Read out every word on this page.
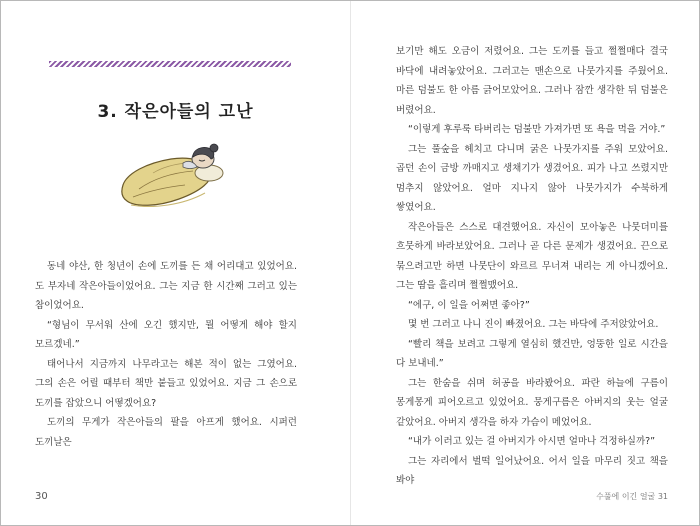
3. 작은아들의 고난

동네 야산, 한 청년이 손에 도끼를 든 채 어리대고 있었어요. 도 부자네 작은아들이었어요. 그는 지금 한 시간째 그러고 있는 참이었어요.

“형님이 무서워 산에 오긴 했지만, 뭘 어떻게 해야 할지 모르겠네.”

태어나서 지금까지 나무라고는 해본 적이 없는 그였어요. 그의 손은 어릴 때부터 책만 붙들고 있었어요. 지금 그 손으로 도끼를 잡았으니 어떻겠어요?

도끼의 무게가 작은아들의 팔을 아프게 했어요. 시퍼런 도끼날은

30

보기만 해도 오금이 저렸어요. 그는 도끼를 들고 쩔쩔매다 결국 바닥에 내려놓았어요. 그러고는 맨손으로 나뭇가지를 주웠어요. 마른 덤불도 한 아름 긁어모았어요. 그러나 잠깐 생각한 뒤 덤불은 버렸어요.

“이렇게 후루룩 타버리는 덤불만 가져가면 또 욕을 먹을 거야.”

그는 풀숲을 헤치고 다니며 굵은 나뭇가지를 주워 모았어요. 곱던 손이 금방 까매지고 생채기가 생겼어요. 피가 나고 쓰렸지만 멈추지 않았어요. 얼마 지나지 않아 나뭇가지가 수북하게 쌓였어요.

작은아들은 스스로 대견했어요. 자신이 모아놓은 나뭇더미를 흐뭇하게 바라보았어요. 그러나 곧 다른 문제가 생겼어요. 끈으로 묶으려고만 하면 나뭇단이 와르르 무너져 내리는 게 아니겠어요. 그는 땀을 흘리며 쩔쩔맸어요.

“에구, 이 일을 어쩌면 좋아?”

몇 번 그러고 나니 진이 빠졌어요. 그는 바닥에 주저앉았어요.

“빨리 책을 보려고 그렇게 열심히 했건만, 엉뚱한 일로 시간을 다 보내네.”

그는 한숨을 쉬며 허공을 바라봤어요. 파란 하늘에 구름이 몽게몽게 피어오르고 있었어요. 뭉게구름은 아버지의 웃는 얼굴 같았어요. 아버지 생각을 하자 가슴이 메었어요.

“내가 이러고 있는 걸 아버지가 아시면 얼마나 걱정하실까?”

그는 자리에서 벌떡 일어났어요. 어서 일을 마무리 짓고 책을 봐야

수풀에 이긴 얼굴 31
